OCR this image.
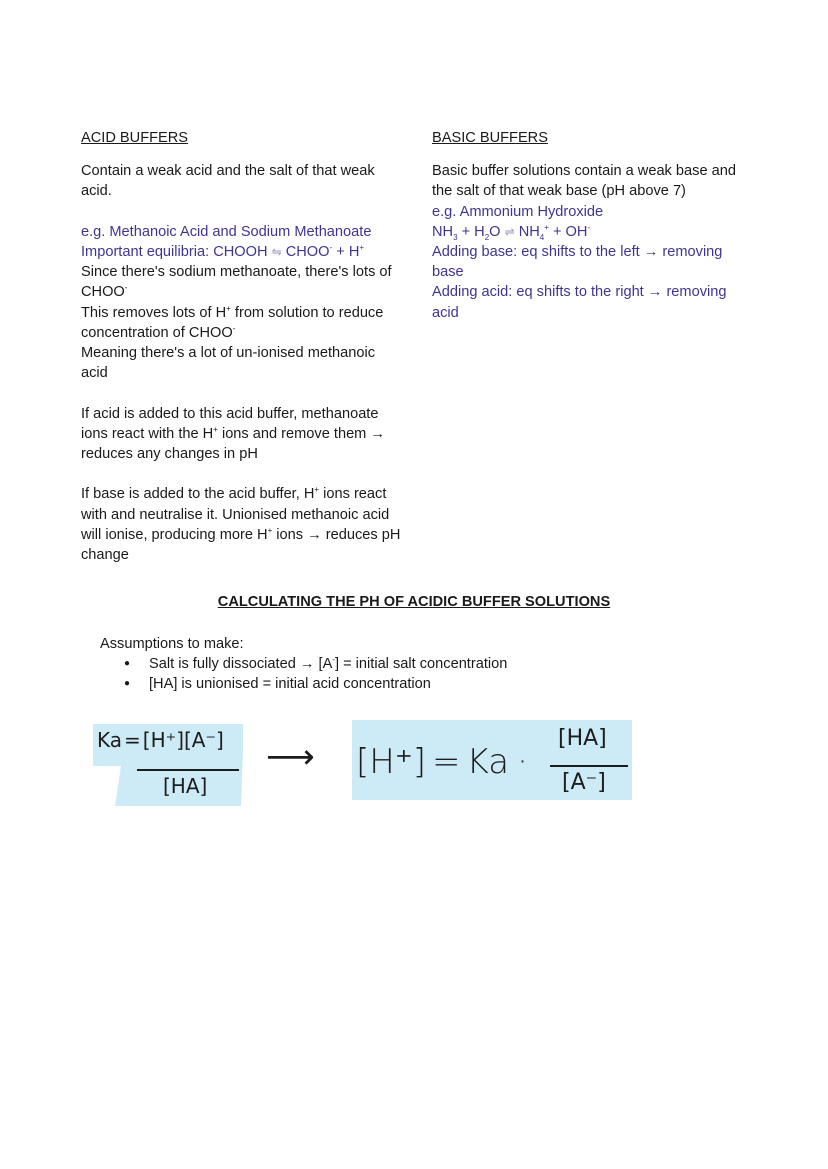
ACID BUFFERS
Contain a weak acid and the salt of that weak
acid.
e.g. Methanoic Acid and Sodium Methanoate
Important equilibria: CHOOH ⇋ CHOO- + H+
Since there's sodium methanoate, there's lots of
CHOO-
This removes lots of H+ from solution to reduce
concentration of CHOO-
Meaning there's a lot of un-ionised methanoic
acid
If acid is added to this acid buffer, methanoate
ions react with the H+ ions and remove them →
reduces any changes in pH
If base is added to the acid buffer, H+ ions react
with and neutralise it. Unionised methanoic acid
will ionise, producing more H+ ions → reduces pH
change
BASIC BUFFERS
Basic buffer solutions contain a weak base and
the salt of that weak base (pH above 7)
e.g. Ammonium Hydroxide
$NH_3 + H_2O$ ⇌ $NH_4^+ + OH^-$
Adding base: eq shifts to the left → removing
base
Adding acid: eq shifts to the right → removing
acid
CALCULATING THE PH OF ACIDIC BUFFER SOLUTIONS
Assumptions to make:
● Salt is fully dissociated → [A-] = initial salt concentration
● [HA] is unionised = initial acid concentration
Ka = [H⁺][A⁻]
[HA]
⟶ [H⁺] = Ka ·
[HA]
[A⁻]
